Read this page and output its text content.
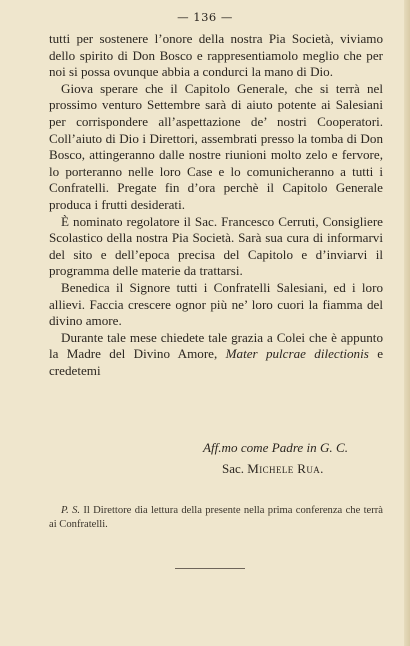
— 136 —

tutti per sostenere l’onore della nostra Pia Società, viviamo dello spirito di Don Bosco e rappresentiamolo meglio che per noi si possa ovunque abbia a condurci la mano di Dio.

Giova sperare che il Capitolo Generale, che si terrà nel prossimo venturo Settembre sarà di aiuto potente ai Salesiani per corrispondere all’aspettazione de’ nostri Cooperatori. Coll’aiuto di Dio i Direttori, assembrati presso la tomba di Don Bosco, attingeranno dalle nostre riunioni molto zelo e fervore, lo porteranno nelle loro Case e lo comunicheranno a tutti i Confratelli. Pregate fin d’ora perchè il Capitolo Generale produca i frutti desiderati.

È nominato regolatore il Sac. Francesco Cerruti, Consigliere Scolastico della nostra Pia Società. Sarà sua cura di informarvi del sito e dell’epoca precisa del Capitolo e d’inviarvi il programma delle materie da trattarsi.

Benedica il Signore tutti i Confratelli Salesiani, ed i loro allievi. Faccia crescere ognor più ne’ loro cuori la fiamma del divino amore.

Durante tale mese chiedete tale grazia a Colei che è appunto la Madre del Divino Amore, Mater pulcrae dilectionis e credetemi

Aff.mo come Padre in G. C.
Sac. Michele Rua.
P. S. Il Direttore dia lettura della presente nella prima conferenza che terrà ai Confratelli.
